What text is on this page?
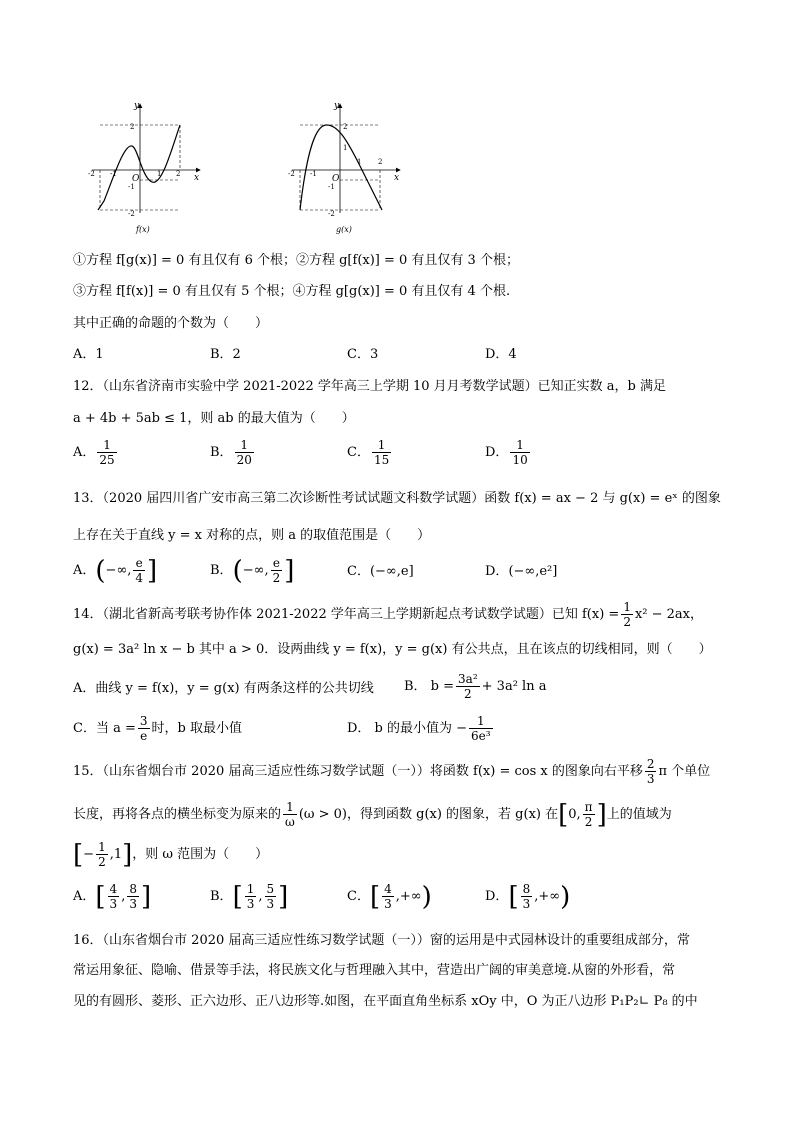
y
x
O
2
-1
-2
-2 -1	1 2
f(x)
y
x
O
2
1
-1
-2
-2 -1
1 2
g(x)
①方程 f[g(x)] = 0 有且仅有 6 个根；②方程 g[f(x)] = 0 有且仅有 3 个根；
③方程 f[f(x)] = 0 有且仅有 5 个根；④方程 g[g(x)] = 0 有且仅有 4 个根.
其中正确的命题的个数为（　　）
A．1	B．2	C．3	D．4
12．（山东省济南市实验中学 2021-2022 学年高三上学期 10 月月考数学试题）已知正实数 a，b 满足
a + 4b + 5ab ≤ 1，则 ab 的最大值为（　　）
A． $\frac{1}{25}$	B． $\frac{1}{20}$	C． $\frac{1}{15}$	D． $\frac{1}{10}$
13．（2020 届四川省广安市高三第二次诊断性考试试题文科数学试题）函数 f(x) = ax − 2 与 g(x) = eˣ 的图象
上存在关于直线 y = x 对称的点，则 a 的取值范围是（　　）
A．(−∞, $\frac{e}{4}$ ]	B．(−∞, $\frac{e}{2}$ ]	C．(−∞,e]	D．(−∞,e²]
14．（湖北省新高考联考协作体 2021-2022 学年高三上学期新起点考试数学试题）已知 $f(x) = \frac{1}{2} x^2 - 2ax$，
g(x) = 3a² ln x − b 其中 a > 0．设两曲线 y = f(x)，y = g(x) 有公共点，且在该点的切线相同，则（　　）
A．曲线 y = f(x)，y = g(x) 有两条这样的公共切线 B． $b = \frac{\text{3a²}}{2} + 3a^2$ ln a
C．当 $a = \frac{3}{e}$ 时，b 取最小值	D． b 的最小值为 − $\frac{1}{\text{6e³}}$
15．（山东省烟台市 2020 届高三适应性练习数学试题（一））将函数 f(x) = cos x 的图象向右平移 $\frac{2}{3}$ π 个单位
长度，再将各点的横坐标变为原来的 $\frac{1}{\omega} (\omega > 0)$，得到函数 g(x) 的图象，若 g(x) 在[0, $\frac{\pi}{2}$ ]上的值域为
[− $\frac{1}{2} ,1$]，则 ω 范围为（　　）
A．[ $\frac{4}{3}$ , $\frac{8}{3}$ ]	B．[ $\frac{1}{3}$ , $\frac{5}{3}$ ]	C．[ $\frac{4}{3}$ ,+∞)	D．[ $\frac{8}{3}$ ,+∞)
16．（山东省烟台市 2020 届高三适应性练习数学试题（一））窗的运用是中式园林设计的重要组成部分，常
常运用象征、隐喻、借景等手法，将民族文化与哲理融入其中，营造出广阔的审美意境.从窗的外形看，常
见的有圆形、菱形、正六边形、正八边形等.如图，在平面直角坐标系 xOy 中，O 为正八边形 P₁P₂∟ P₈ 的中
